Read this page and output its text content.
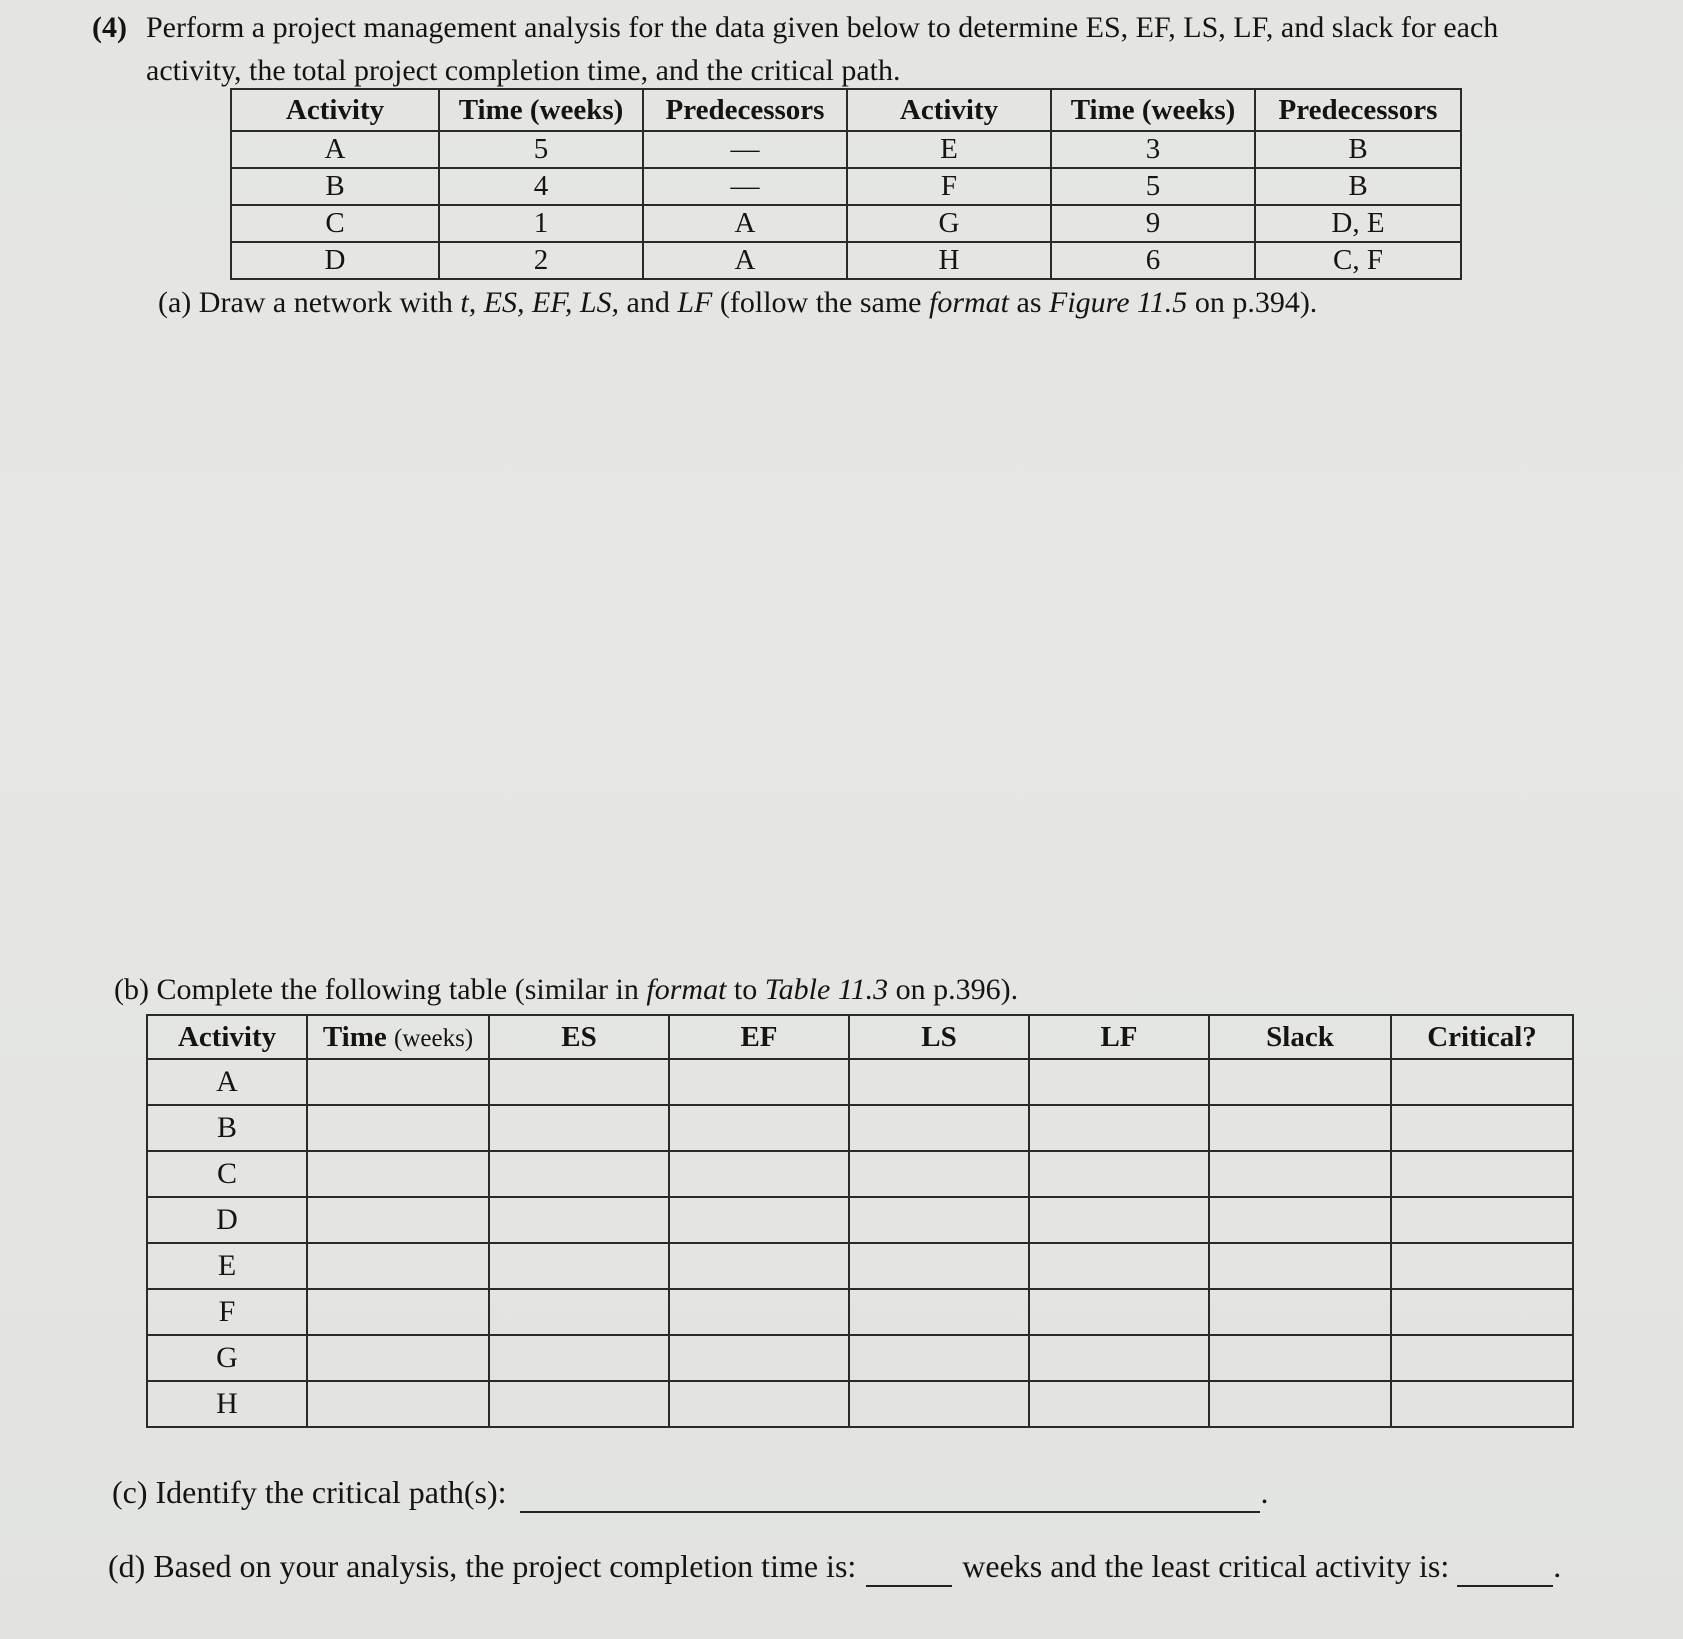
(4) Perform a project management analysis for the data given below to determine ES, EF, LS, LF, and slack for each
activity, the total project completion time, and the critical path.
Activity	Time (weeks)	Predecessors	Activity	Time (weeks)	Predecessors
A	5	—	E	3	B
B	4	—	F	5	B
C	1	A	G	9	D, E
D	2	A	H	6	C, F
(a) Draw a network with t, ES, EF, LS, and LF (follow the same format as Figure 11.5 on p.394).
(b) Complete the following table (similar in format to Table 11.3 on p.396).
Activity	Time (weeks)	ES	EF	LS	LF	Slack	Critical?
A							
B							
C							
D							
E							
F							
G							
H							
(c) Identify the critical path(s):	.
(d) Based on your analysis, the project completion time is:	weeks and the least critical activity is:	.
